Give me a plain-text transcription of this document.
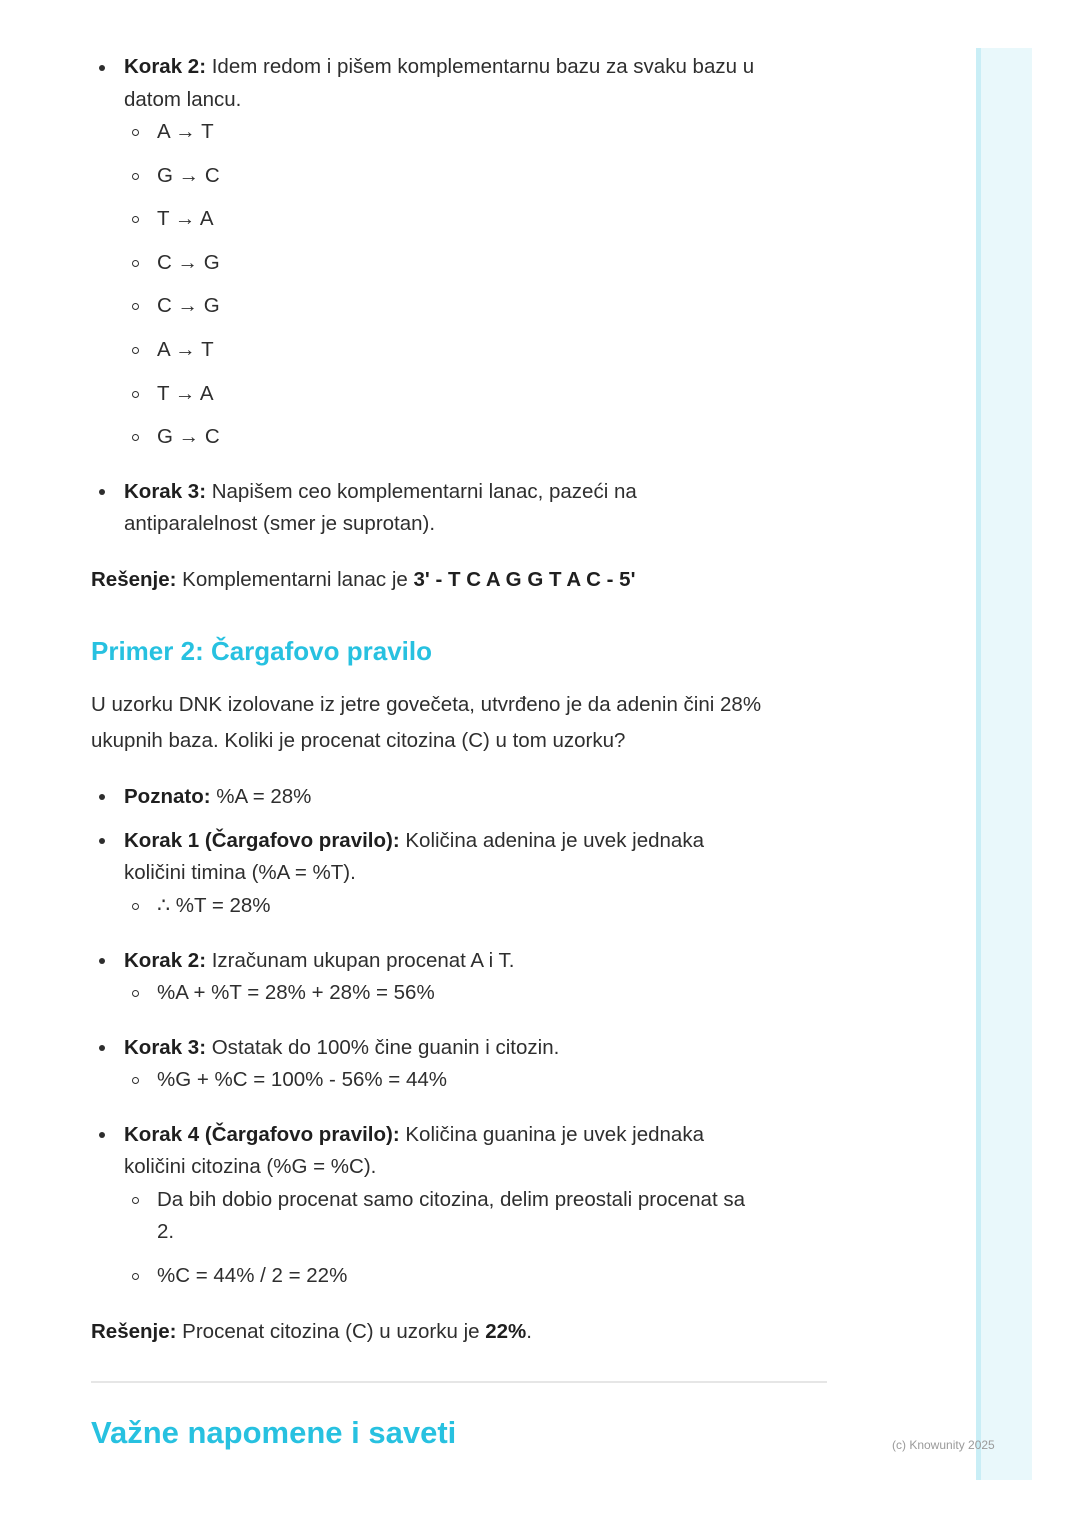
Korak 2: Idem redom i pišem komplementarnu bazu za svaku bazu u
datom lancu.
A → T
G → C
T → A
C → G
C → G
A → T
T → A
G → C
Korak 3: Napišem ceo komplementarni lanac, pazeći na
antiparalelnost (smer je suprotan).
Rešenje: Komplementarni lanac je 3' - T C A G G T A C - 5'
Primer 2: Čargafovo pravilo
U uzorku DNK izolovane iz jetre govečeta, utvrđeno je da adenin čini 28%
ukupnih baza. Koliki je procenat citozina (C) u tom uzorku?
Poznato: %A = 28%
Korak 1 (Čargafovo pravilo): Količina adenina je uvek jednaka
količini timina (%A = %T).
∴ %T = 28%
Korak 2: Izračunam ukupan procenat A i T.
%A + %T = 28% + 28% = 56%
Korak 3: Ostatak do 100% čine guanin i citozin.
%G + %C = 100% - 56% = 44%
Korak 4 (Čargafovo pravilo): Količina guanina je uvek jednaka
količini citozina (%G = %C).
Da bih dobio procenat samo citozina, delim preostali procenat sa
2.
%C = 44% / 2 = 22%
Rešenje: Procenat citozina (C) u uzorku je 22%.
Važne napomene i saveti	(c) Knowunity 2025
